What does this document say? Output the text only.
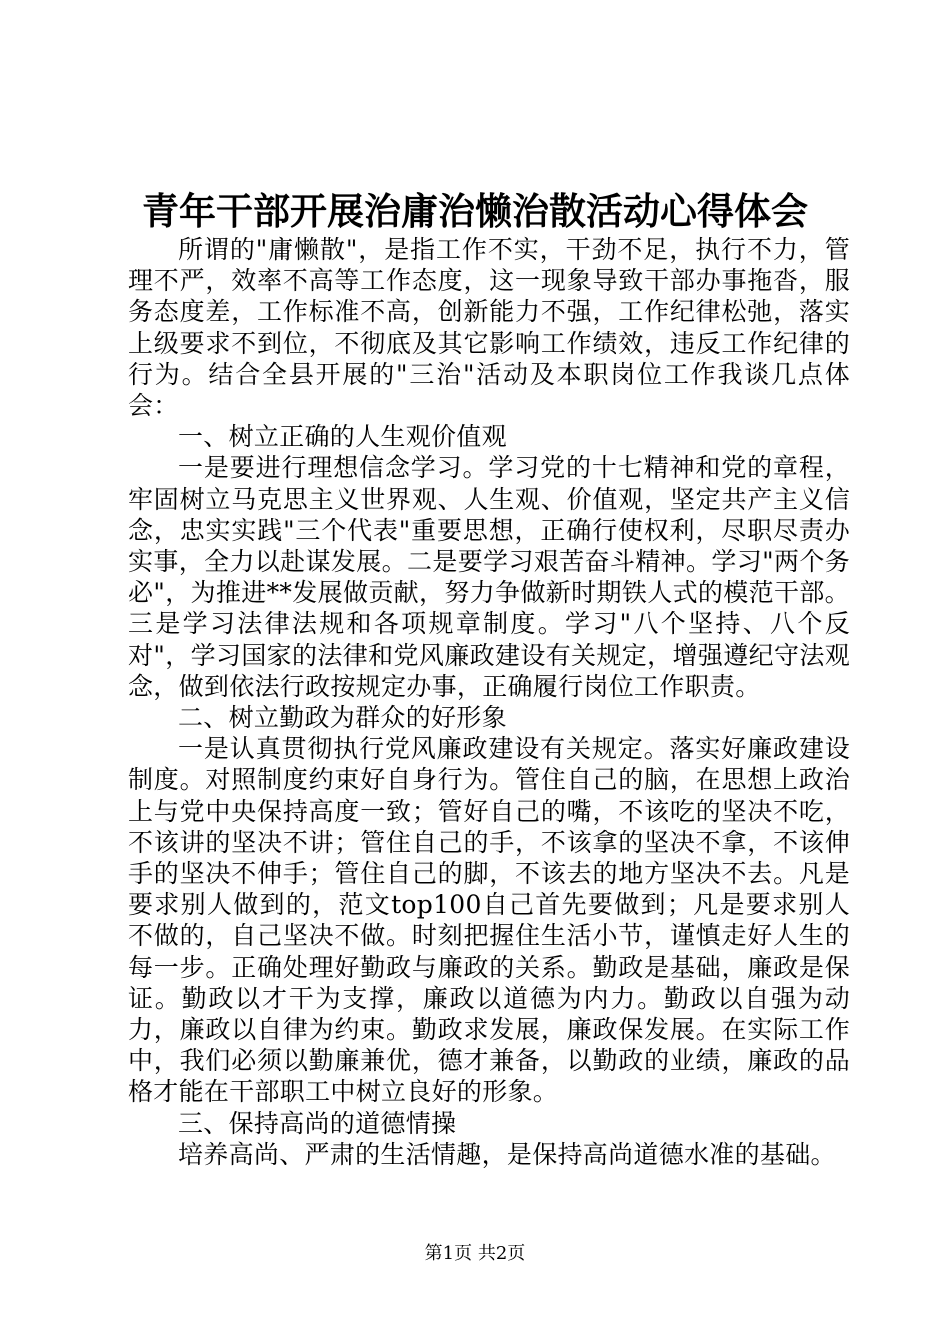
青年干部开展治庸治懒治散活动心得体会

所谓的"庸懒散"，是指工作不实，干劲不足，执行不力，管理不严，效率不高等工作态度，这一现象导致干部办事拖沓，服务态度差，工作标准不高，创新能力不强，工作纪律松弛，落实上级要求不到位，不彻底及其它影响工作绩效，违反工作纪律的行为。结合全县开展的"三治"活动及本职岗位工作我谈几点体会：

一、树立正确的人生观价值观

一是要进行理想信念学习。学习党的十七精神和党的章程，牢固树立马克思主义世界观、人生观、价值观，坚定共产主义信念，忠实实践"三个代表"重要思想，正确行使权利，尽职尽责办实事，全力以赴谋发展。二是要学习艰苦奋斗精神。学习"两个务必"，为推进**发展做贡献，努力争做新时期铁人式的模范干部。三是学习法律法规和各项规章制度。学习"八个坚持、八个反对"，学习国家的法律和党风廉政建设有关规定，增强遵纪守法观念，做到依法行政按规定办事，正确履行岗位工作职责。

二、树立勤政为群众的好形象

一是认真贯彻执行党风廉政建设有关规定。落实好廉政建设制度。对照制度约束好自身行为。管住自己的脑，在思想上政治上与党中央保持高度一致；管好自己的嘴，不该吃的坚决不吃，不该讲的坚决不讲；管住自己的手，不该拿的坚决不拿，不该伸手的坚决不伸手；管住自己的脚，不该去的地方坚决不去。凡是要求别人做到的，范文top100自己首先要做到；凡是要求别人不做的，自己坚决不做。时刻把握住生活小节，谨慎走好人生的每一步。正确处理好勤政与廉政的关系。勤政是基础，廉政是保证。勤政以才干为支撑，廉政以道德为内力。勤政以自强为动力，廉政以自律为约束。勤政求发展，廉政保发展。在实际工作中，我们必须以勤廉兼优，德才兼备，以勤政的业绩，廉政的品格才能在干部职工中树立良好的形象。

三、保持高尚的道德情操

培养高尚、严肃的生活情趣，是保持高尚道德水准的基础。

第1页 共2页
